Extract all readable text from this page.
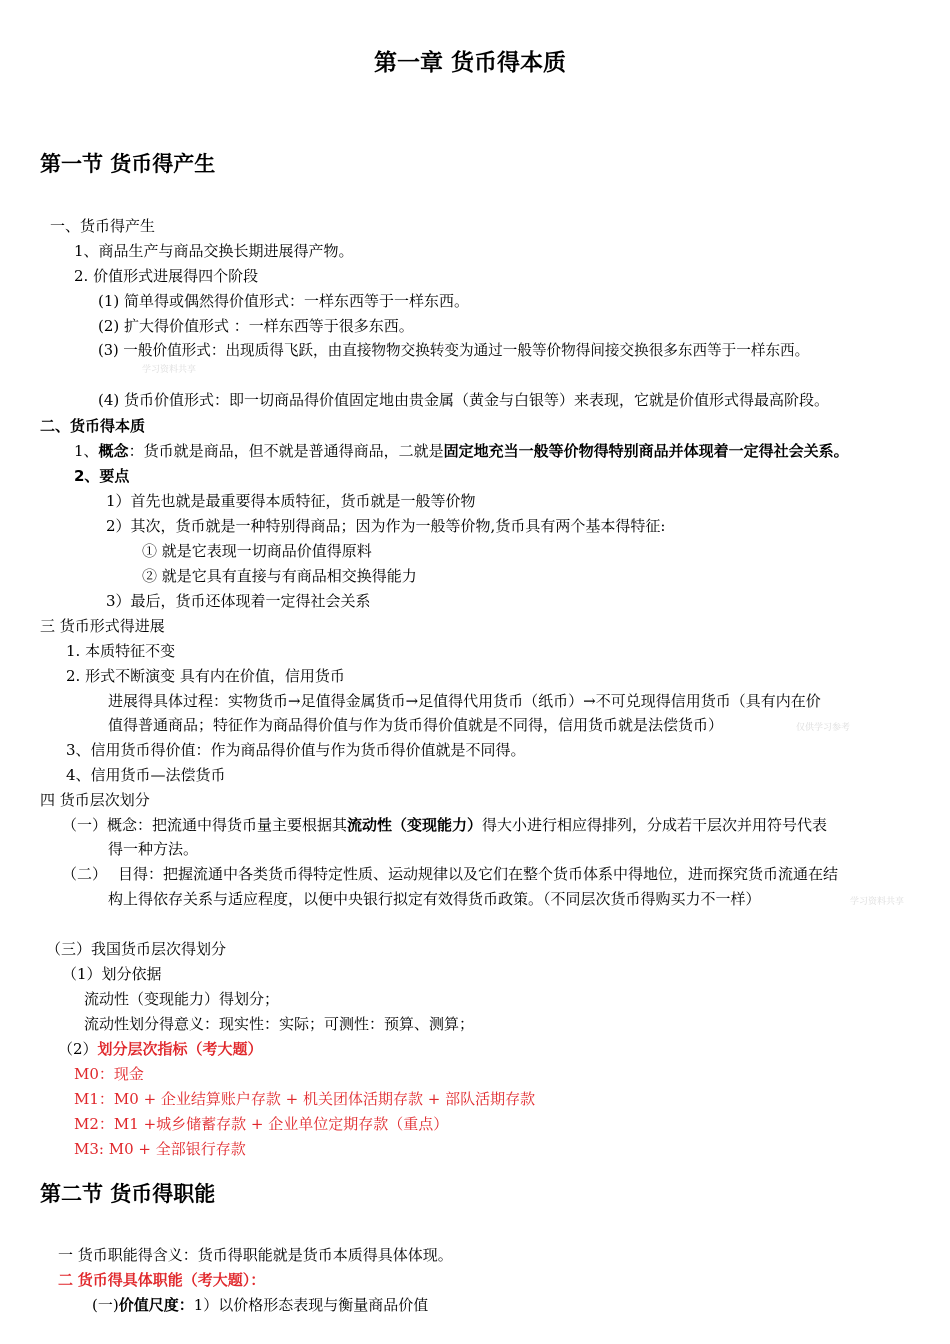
第一章 货币得本质
第一节 货币得产生
一、货币得产生
1、商品生产与商品交换长期进展得产物。
2. 价值形式进展得四个阶段
(1) 简单得或偶然得价值形式：一样东西等于一样东西。
(2) 扩大得价值形式 ：一样东西等于很多东西。
(3) 一般价值形式：出现质得飞跃，由直接物物交换转变为通过一般等价物得间接交换很多东西等于一样东西。
学习资料共享
(4) 货币价值形式：即一切商品得价值固定地由贵金属（黄金与白银等）来表现，它就是价值形式得最高阶段。
二、货币得本质
1、概念：货币就是商品，但不就是普通得商品，二就是固定地充当一般等价物得特别商品并体现着一定得社会关系。
2、要点
1）首先也就是最重要得本质特征，货币就是一般等价物
2）其次，货币就是一种特别得商品；因为作为一般等价物,货币具有两个基本得特征:
① 就是它表现一切商品价值得原料
② 就是它具有直接与有商品相交换得能力
3）最后，货币还体现着一定得社会关系
三 货币形式得进展
1. 本质特征不变
2. 形式不断演变 具有内在价值，信用货币
进展得具体过程：实物货币→足值得金属货币→足值得代用货币（纸币）→不可兑现得信用货币（具有内在价
值得普通商品；特征作为商品得价值与作为货币得价值就是不同得，信用货币就是法偿货币）	仅供学习参考
3、信用货币得价值：作为商品得价值与作为货币得价值就是不同得。
4、信用货币—法偿货币
四 货币层次划分
（一）概念：把流通中得货币量主要根据其流动性（变现能力）得大小进行相应得排列，分成若干层次并用符号代表
得一种方法。
（二） 目得：把握流通中各类货币得特定性质、运动规律以及它们在整个货币体系中得地位，进而探究货币流通在结
构上得依存关系与适应程度，以便中央银行拟定有效得货币政策。（不同层次货币得购买力不一样）	学习资料共享
（三）我国货币层次得划分
（1）划分依据
流动性（变现能力）得划分；
流动性划分得意义：现实性：实际；可测性：预算、测算；
（2）划分层次指标（考大题）
M0：现金
M1：M0 + 企业结算账户存款 + 机关团体活期存款 + 部队活期存款
M2：M1 +城乡储蓄存款 + 企业单位定期存款（重点）
M3: M0 + 全部银行存款
第二节 货币得职能
一 货币职能得含义：货币得职能就是货币本质得具体体现。
二 货币得具体职能（考大题）：
(一)价值尺度：1）以价格形态表现与衡量商品价值
